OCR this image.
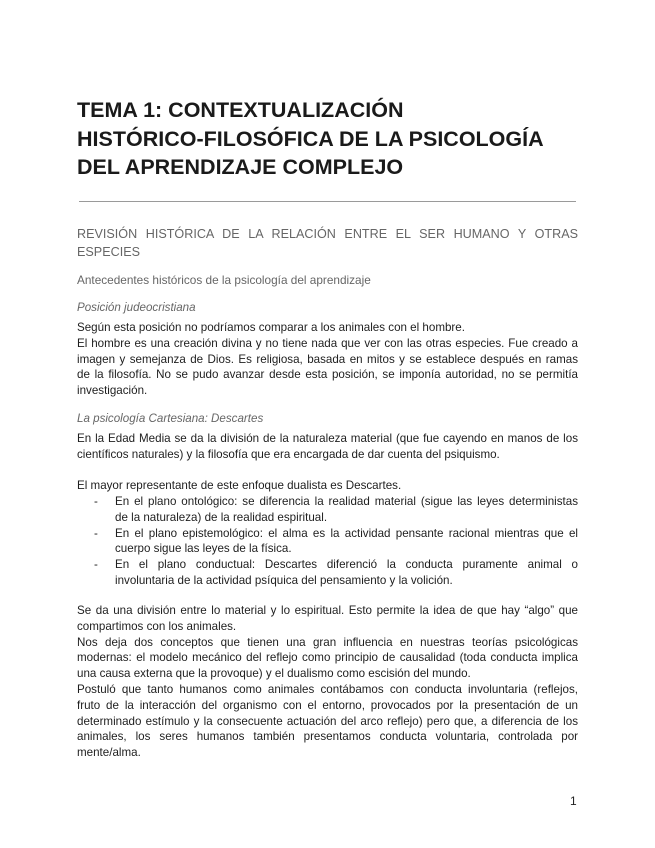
TEMA 1: CONTEXTUALIZACIÓN
HISTÓRICO-FILOSÓFICA DE LA PSICOLOGÍA
DEL APRENDIZAJE COMPLEJO
REVISIÓN HISTÓRICA DE LA RELACIÓN ENTRE EL SER HUMANO Y OTRAS
ESPECIES
Antecedentes históricos de la psicología del aprendizaje
Posición judeocristiana
Según esta posición no podríamos comparar a los animales con el hombre.
El hombre es una creación divina y no tiene nada que ver con las otras especies. Fue creado a
imagen y semejanza de Dios. Es religiosa, basada en mitos y se establece después en ramas
de la filosofía. No se pudo avanzar desde esta posición, se imponía autoridad, no se permitía
investigación.
La psicología Cartesiana: Descartes
En la Edad Media se da la división de la naturaleza material (que fue cayendo en manos de los
científicos naturales) y la filosofía que era encargada de dar cuenta del psiquismo.
El mayor representante de este enfoque dualista es Descartes.
- En el plano ontológico: se diferencia la realidad material (sigue las leyes deterministas
de la naturaleza) de la realidad espiritual.
- En el plano epistemológico: el alma es la actividad pensante racional mientras que el
cuerpo sigue las leyes de la física.
- En el plano conductual: Descartes diferenció la conducta puramente animal o
involuntaria de la actividad psíquica del pensamiento y la volición.
Se da una división entre lo material y lo espiritual. Esto permite la idea de que hay “algo” que
compartimos con los animales.
Nos deja dos conceptos que tienen una gran influencia en nuestras teorías psicológicas
modernas: el modelo mecánico del reflejo como principio de causalidad (toda conducta implica
una causa externa que la provoque) y el dualismo como escisión del mundo.
Postuló que tanto humanos como animales contábamos con conducta involuntaria (reflejos,
fruto de la interacción del organismo con el entorno, provocados por la presentación de un
determinado estímulo y la consecuente actuación del arco reflejo) pero que, a diferencia de los
animales, los seres humanos también presentamos conducta voluntaria, controlada por
mente/alma.
1
